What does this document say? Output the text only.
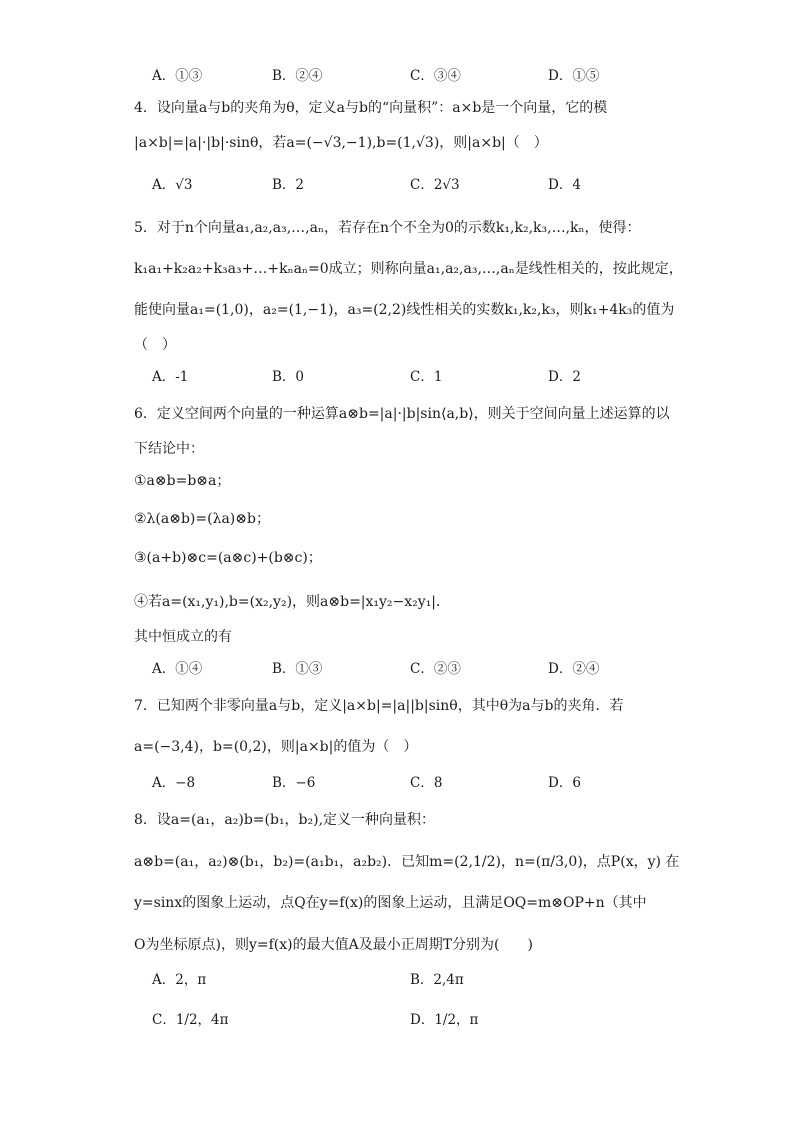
A．①③	B．②④	C．③④	D．①⑤
4．设向量a与b的夹角为θ，定义a与b的“向量积”：a×b是一个向量，它的模
|a×b|=|a|·|b|·sinθ，若a=(−√3,−1),b=(1,√3)，则|a×b|（　）
A．√3	B．2	C．2√3	D．4
5．对于n个向量a₁,a₂,a₃,…,aₙ，若存在n个不全为0的示数k₁,k₂,k₃,…,kₙ，使得：
k₁a₁+k₂a₂+k₃a₃+…+kₙaₙ=0成立；则称向量a₁,a₂,a₃,…,aₙ是线性相关的，按此规定，
能使向量a₁=(1,0)，a₂=(1,−1)，a₃=(2,2)线性相关的实数k₁,k₂,k₃，则k₁+4k₃的值为
（　）
A．-1	B．0	C．1	D．2
6．定义空间两个向量的一种运算a⊗b=|a|·|b|sin⟨a,b⟩，则关于空间向量上述运算的以
下结论中：
①a⊗b=b⊗a；
②λ(a⊗b)=(λa)⊗b；
③(a+b)⊗c=(a⊗c)+(b⊗c)；
④若a=(x₁,y₁),b=(x₂,y₂)，则a⊗b=|x₁y₂−x₂y₁|．
其中恒成立的有
A．①④	B．①③	C．②③	D．②④
7．已知两个非零向量a与b，定义|a×b|=|a||b|sinθ，其中θ为a与b的夹角．若
a=(−3,4)，b=(0,2)，则|a×b|的值为（　）
A．−8	B．−6	C．8	D．6
8．设a=(a₁，a₂)b=(b₁，b₂),定义一种向量积：
a⊗b=(a₁，a₂)⊗(b₁，b₂)=(a₁b₁，a₂b₂)．已知m=(2,1/2)，n=(π/3,0)，点P(x，y) 在
y=sinx的图象上运动，点Q在y=f(x)的图象上运动，且满足OQ=m⊗OP+n（其中
O为坐标原点)，则y=f(x)的最大值A及最小正周期T分别为(　　)
A．2，π	B．2,4π
C．1/2，4π	D．1/2，π
